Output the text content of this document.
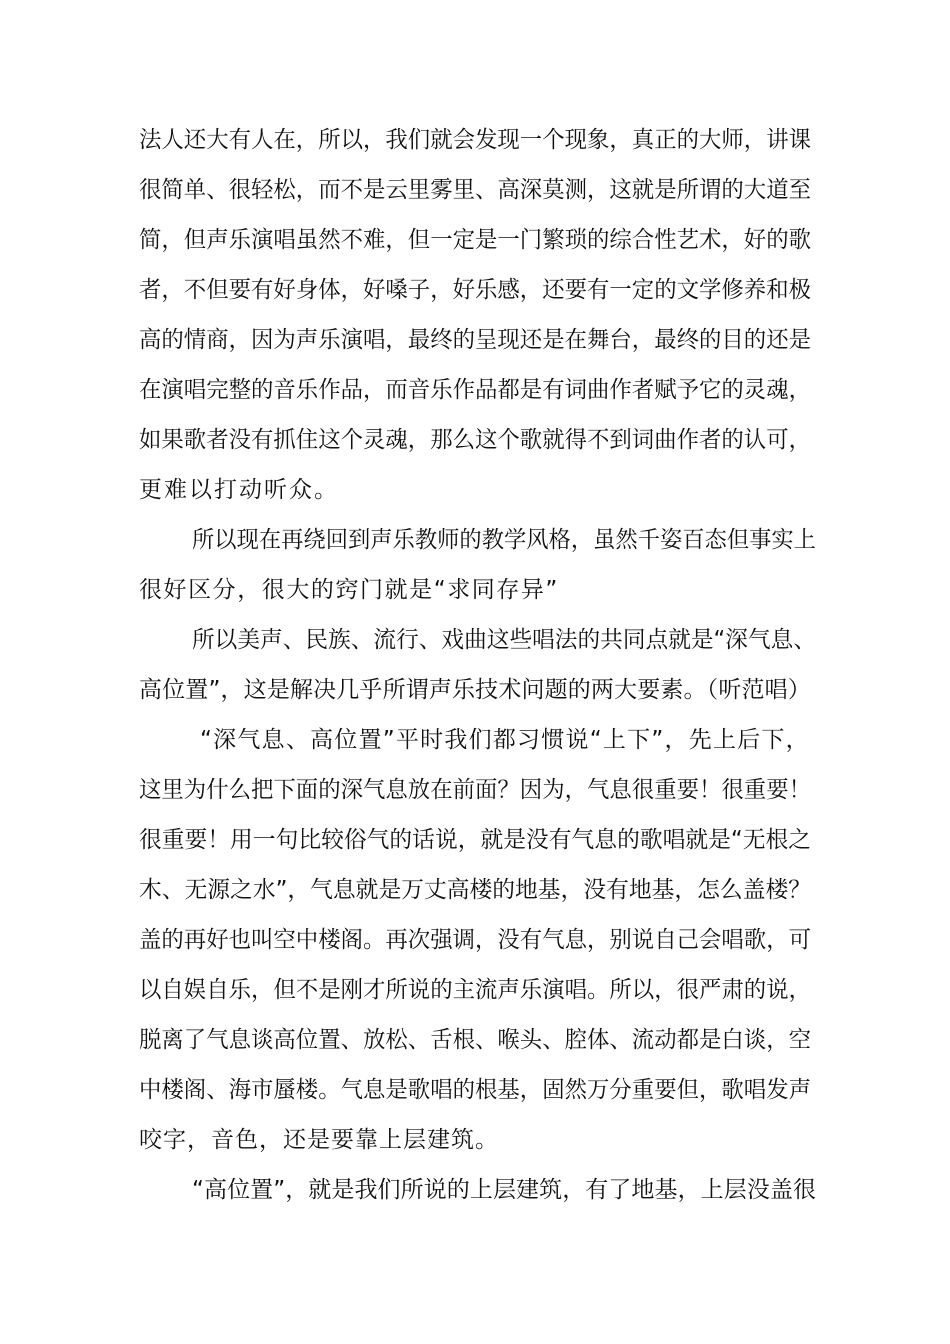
法人还大有人在，所以，我们就会发现一个现象，真正的大师，讲课
很简单、很轻松，而不是云里雾里、高深莫测，这就是所谓的大道至
简，但声乐演唱虽然不难，但一定是一门繁琐的综合性艺术，好的歌
者，不但要有好身体，好嗓子，好乐感，还要有一定的文学修养和极
高的情商，因为声乐演唱，最终的呈现还是在舞台，最终的目的还是
在演唱完整的音乐作品，而音乐作品都是有词曲作者赋予它的灵魂，
如果歌者没有抓住这个灵魂，那么这个歌就得不到词曲作者的认可，
更难以打动听众。
所以现在再绕回到声乐教师的教学风格，虽然千姿百态但事实上
很好区分，很大的窍门就是“求同存异”
所以美声、民族、流行、戏曲这些唱法的共同点就是“深气息、
高位置”，这是解决几乎所谓声乐技术问题的两大要素。（听范唱）
“深气息、高位置”平时我们都习惯说“上下”，先上后下，
这里为什么把下面的深气息放在前面？因为，气息很重要！很重要！
很重要！用一句比较俗气的话说，就是没有气息的歌唱就是“无根之
木、无源之水”，气息就是万丈高楼的地基，没有地基，怎么盖楼？
盖的再好也叫空中楼阁。再次强调，没有气息，别说自己会唱歌，可
以自娱自乐，但不是刚才所说的主流声乐演唱。所以，很严肃的说，
脱离了气息谈高位置、放松、舌根、喉头、腔体、流动都是白谈，空
中楼阁、海市蜃楼。气息是歌唱的根基，固然万分重要但，歌唱发声
咬字，音色，还是要靠上层建筑。
“高位置”，就是我们所说的上层建筑，有了地基，上层没盖很
